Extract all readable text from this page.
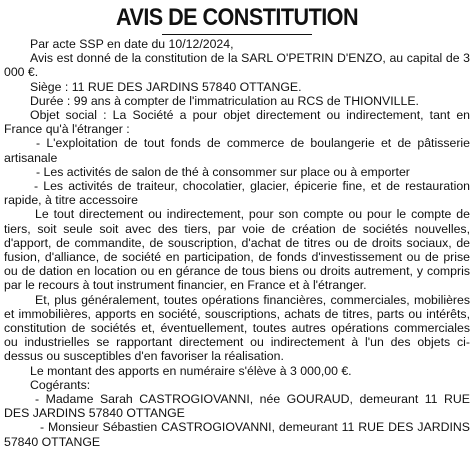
AVIS DE CONSTITUTION

Par acte SSP en date du 10/12/2024,

Avis est donné de la constitution de la SARL O'PETRIN D'ENZO, au capital de 3 000 €.

Siège : 11 RUE DES JARDINS 57840 OTTANGE.

Durée : 99 ans à compter de l'immatriculation au RCS de THIONVILLE.

Objet social : La Société a pour objet directement ou indirectement, tant en France qu'à l'étranger :

- L'exploitation de tout fonds de commerce de boulangerie et de pâtisserie artisanale

- Les activités de salon de thé à consommer sur place ou à emporter

- Les activités de traiteur, chocolatier, glacier, épicerie fine, et de restauration rapide, à titre accessoire

Le tout directement ou indirectement, pour son compte ou pour le compte de tiers, soit seule soit avec des tiers, par voie de création de sociétés nouvelles, d'apport, de commandite, de souscription, d'achat de titres ou de droits sociaux, de fusion, d'alliance, de société en participation, de fonds d'investissement ou de prise ou de dation en location ou en gérance de tous biens ou droits autrement, y compris par le recours à tout instrument financier, en France et à l'étranger.

Et, plus généralement, toutes opérations financières, commerciales, mobilières et immobilières, apports en société, souscriptions, achats de titres, parts ou intérêts, constitution de sociétés et, éventuellement, toutes autres opérations commerciales ou industrielles se rapportant directement ou indirectement à l'un des objets ci-dessus ou susceptibles d'en favoriser la réalisation.

Le montant des apports en numéraire s'élève à 3 000,00 €.

Cogérants:

- Madame Sarah CASTROGIOVANNI, née GOURAUD, demeurant 11 RUE DES JARDINS 57840 OTTANGE

- Monsieur Sébastien CASTROGIOVANNI, demeurant 11 RUE DES JARDINS 57840 OTTANGE
